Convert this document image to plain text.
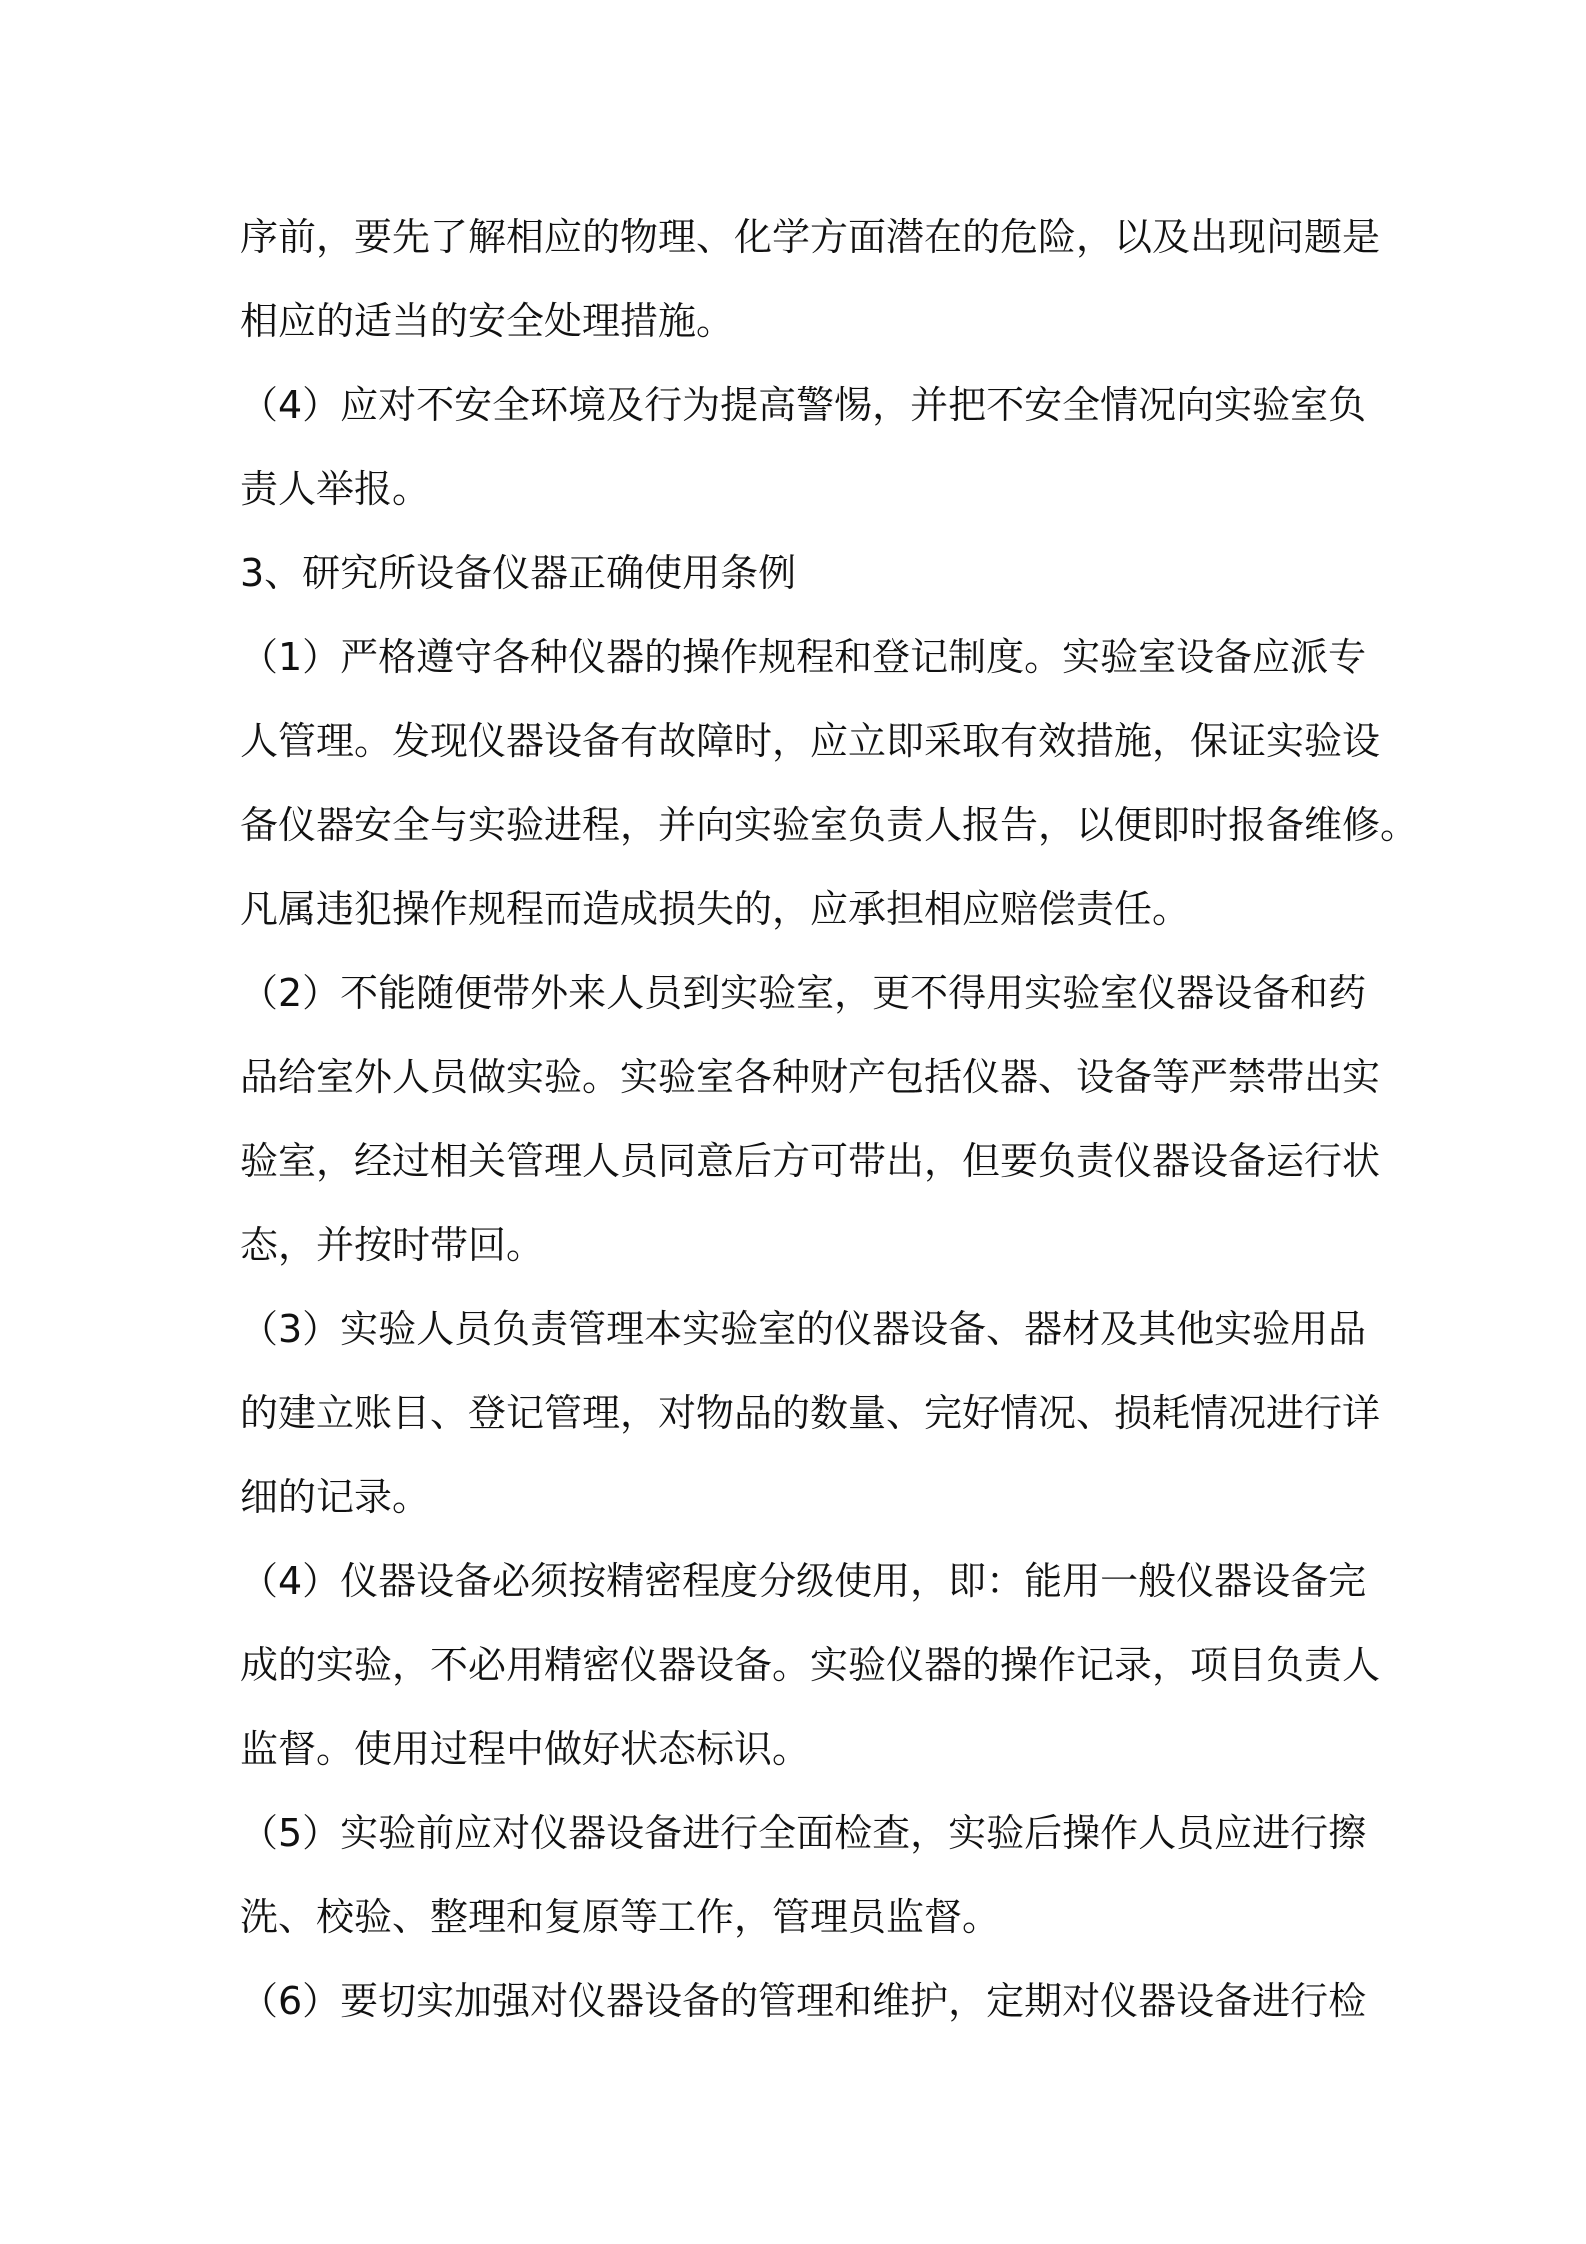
序前，要先了解相应的物理、化学方面潜在的危险，以及出现问题是
相应的适当的安全处理措施。
（4）应对不安全环境及行为提高警惕，并把不安全情况向实验室负
责人举报。
3、研究所设备仪器正确使用条例
（1）严格遵守各种仪器的操作规程和登记制度。实验室设备应派专
人管理。发现仪器设备有故障时，应立即采取有效措施，保证实验设
备仪器安全与实验进程，并向实验室负责人报告，以便即时报备维修。
凡属违犯操作规程而造成损失的，应承担相应赔偿责任。
（2）不能随便带外来人员到实验室，更不得用实验室仪器设备和药
品给室外人员做实验。实验室各种财产包括仪器、设备等严禁带出实
验室，经过相关管理人员同意后方可带出，但要负责仪器设备运行状
态，并按时带回。
（3）实验人员负责管理本实验室的仪器设备、器材及其他实验用品
的建立账目、登记管理，对物品的数量、完好情况、损耗情况进行详
细的记录。
（4）仪器设备必须按精密程度分级使用，即：能用一般仪器设备完
成的实验，不必用精密仪器设备。实验仪器的操作记录，项目负责人
监督。使用过程中做好状态标识。
（5）实验前应对仪器设备进行全面检查，实验后操作人员应进行擦
洗、校验、整理和复原等工作，管理员监督。
（6）要切实加强对仪器设备的管理和维护，定期对仪器设备进行检
